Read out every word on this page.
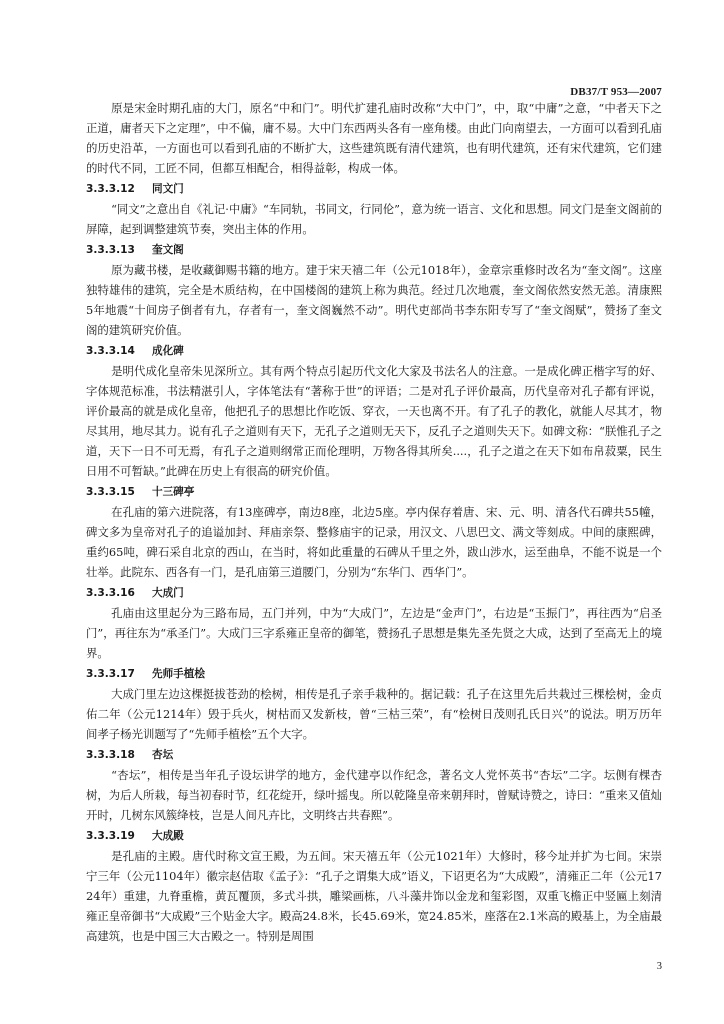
DB37/T 953—2007

原是宋金时期孔庙的大门，原名“中和门”。明代扩建孔庙时改称“大中门”，中，取“中庸”之意，“中者天下之正道，庸者天下之定理”，中不偏，庸不易。大中门东西两头各有一座角楼。由此门向南望去，一方面可以看到孔庙的历史沿革，一方面也可以看到孔庙的不断扩大，这些建筑既有清代建筑，也有明代建筑，还有宋代建筑，它们建的时代不同，工匠不同，但都互相配合，相得益彰，构成一体。

3.3.3.12	同文门

“同文”之意出自《礼记·中庸》“车同轨，书同文，行同伦”，意为统一语言、文化和思想。同文门是奎文阁前的屏障，起到调整建筑节奏，突出主体的作用。

3.3.3.13	奎文阁

原为藏书楼，是收藏御赐书籍的地方。建于宋天禧二年（公元1018年），金章宗重修时改名为“奎文阁”。这座独特雄伟的建筑，完全是木质结构，在中国楼阁的建筑上称为典范。经过几次地震，奎文阁依然安然无恙。清康熙5年地震“十间房子倒者有九，存者有一，奎文阁巍然不动”。明代吏部尚书李东阳专写了“奎文阁赋”，赞扬了奎文阁的建筑研究价值。

3.3.3.14	成化碑

是明代成化皇帝朱见深所立。其有两个特点引起历代文化大家及书法名人的注意。一是成化碑正楷字写的好、字体规范标准，书法精湛引人，字体笔法有“著称于世”的评语；二是对孔子评价最高，历代皇帝对孔子都有评说，评价最高的就是成化皇帝，他把孔子的思想比作吃饭、穿衣，一天也离不开。有了孔子的教化，就能人尽其才，物尽其用，地尽其力。说有孔子之道则有天下，无孔子之道则无天下，反孔子之道则失天下。如碑文称：“朕惟孔子之道，天下一日不可无焉，有孔子之道则纲常正而伦理明，万物各得其所矣....，孔子之道之在天下如布帛菽粟，民生日用不可暂缺。”此碑在历史上有很高的研究价值。

3.3.3.15	十三碑亭

在孔庙的第六进院落，有13座碑亭，南边8座，北边5座。亭内保存着唐、宋、元、明、清各代石碑共55幢，碑文多为皇帝对孔子的追谥加封、拜庙亲祭、整修庙宇的记录，用汉文、八思巴文、满文等刻成。中间的康熙碑，重约65吨，碑石采自北京的西山，在当时，将如此重量的石碑从千里之外，跋山涉水，运至曲阜，不能不说是一个壮举。此院东、西各有一门，是孔庙第三道腰门，分别为“东华门、西华门”。

3.3.3.16	大成门

孔庙由这里起分为三路布局，五门并列，中为“大成门”，左边是“金声门”，右边是“玉振门”，再往西为“启圣门”，再往东为“承圣门”。大成门三字系雍正皇帝的御笔，赞扬孔子思想是集先圣先贤之大成，达到了至高无上的境界。

3.3.3.17	先师手植桧

大成门里左边这棵挺拔苍劲的桧树，相传是孔子亲手栽种的。据记载：孔子在这里先后共栽过三棵桧树，金贞佑二年（公元1214年）毁于兵火，树枯而又发新枝，曾“三枯三荣”，有“桧树日茂则孔氏日兴”的说法。明万历年间孝子杨光训题写了“先师手植桧”五个大字。

3.3.3.18	杏坛

“杏坛”，相传是当年孔子设坛讲学的地方，金代建亭以作纪念，著名文人党怀英书“杏坛”二字。坛侧有棵杏树，为后人所栽，每当初春时节，红花绽开，绿叶摇曳。所以乾隆皇帝来朝拜时，曾赋诗赞之，诗曰：“重来又值灿开时，几树东风簇绛枝，岂是人间凡卉比，文明终古共春熙”。

3.3.3.19	大成殿

是孔庙的主殿。唐代时称文宣王殿，为五间。宋天禧五年（公元1021年）大修时，移今址并扩为七间。宋崇宁三年（公元1104年）徽宗赵佶取《孟子》：“孔子之谓集大成”语义，下诏更名为“大成殿”，清雍正二年（公元1724年）重建，九脊重檐，黄瓦覆顶，多式斗拱，雕梁画栋，八斗藻井饰以金龙和玺彩图，双重飞檐正中竖匾上刻清雍正皇帝御书“大成殿”三个贴金大字。殿高24.8米，长45.69米，宽24.85米，座落在2.1米高的殿基上，为全庙最高建筑，也是中国三大古殿之一。特别是周围

3
